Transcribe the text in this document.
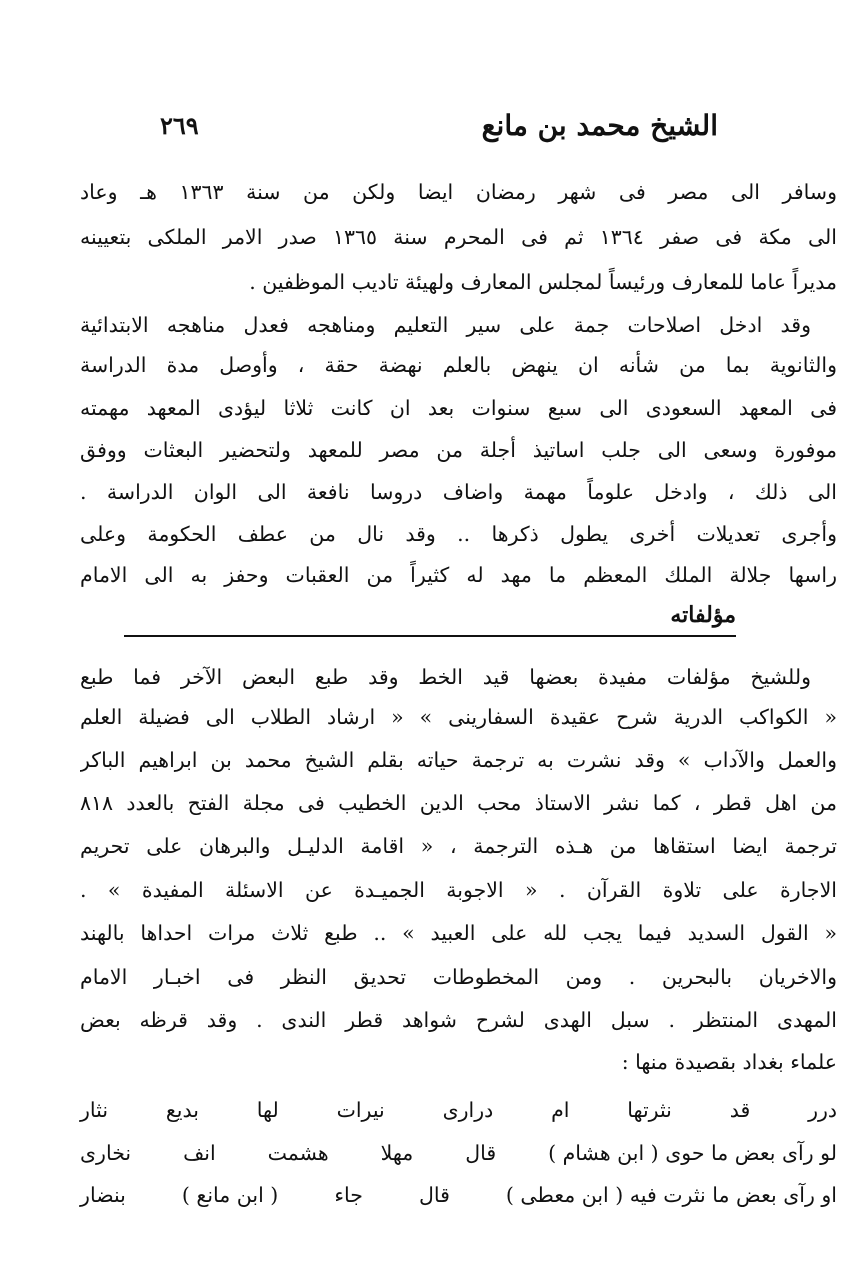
٢٦٩	الشيخ محمد بن مانع
وسافر الى مصر فى شهر رمضان ايضا ولكن من سنة ١٣٦٣ هـ وعاد
الى مكة فى صفر ١٣٦٤ ثم فى المحرم سنة ١٣٦٥ صدر الامر الملكى بتعيينه
مديراً عاما للمعارف ورئيساً لمجلس المعارف ولهيئة تاديب الموظفين .
وقد ادخل اصلاحات جمة على سير التعليم ومناهجه فعدل مناهجه الابتدائية
والثانوية بما من شأنه ان ينهض بالعلم نهضة حقة ، وأوصل مدة الدراسة
فى المعهد السعودى الى سبع سنوات بعد ان كانت ثلاثا ليؤدى المعهد مهمته
موفورة وسعى الى جلب اساتيذ أجلة من مصر للمعهد ولتحضير البعثات ووفق
الى ذلك ، وادخل علوماً مهمة واضاف دروسا نافعة الى الوان الدراسة .
وأجرى تعديلات أخرى يطول ذكرها .. وقد نال من عطف الحكومة وعلى
راسها جلالة الملك المعظم ما مهد له كثيراً من العقبات وحفز به الى الامام
مؤلفاته
وللشيخ مؤلفات مفيدة بعضها قيد الخط وقد طبع البعض الآخر فما طبع
« الكواكب الدرية شرح عقيدة السفارينى » « ارشاد الطلاب الى فضيلة العلم
والعمل والآداب » وقد نشرت به ترجمة حياته بقلم الشيخ محمد بن ابراهيم الباكر
من اهل قطر ، كما نشر الاستاذ محب الدين الخطيب فى مجلة الفتح بالعدد ٨١٨
ترجمة ايضا استقاها من هـذه الترجمة ، « اقامة الدليـل والبرهان على تحريم
الاجارة على تلاوة القرآن . « الاجوبة الجميـدة عن الاسئلة المفيدة » .
« القول السديد فيما يجب لله على العبيد » .. طبع ثلاث مرات احداها بالهند
والاخريان بالبحرين . ومن المخطوطات تحديق النظر فى اخبـار الامام
المهدى المنتظر . سبل الهدى لشرح شواهد قطر الندى . وقد قرظه بعض
علماء بغداد بقصيدة منها :
درر
قد
نثرتها
ام
درارى
نيرات
لها
بديع
نثار
لو رآى بعض ما حوى ( ابن هشام )
قال
مهلا
هشمت
انف
نخارى
او رآى بعض ما نثرت فيه ( ابن معطى )
قال
جاء
( ابن مانع )
بنضار
